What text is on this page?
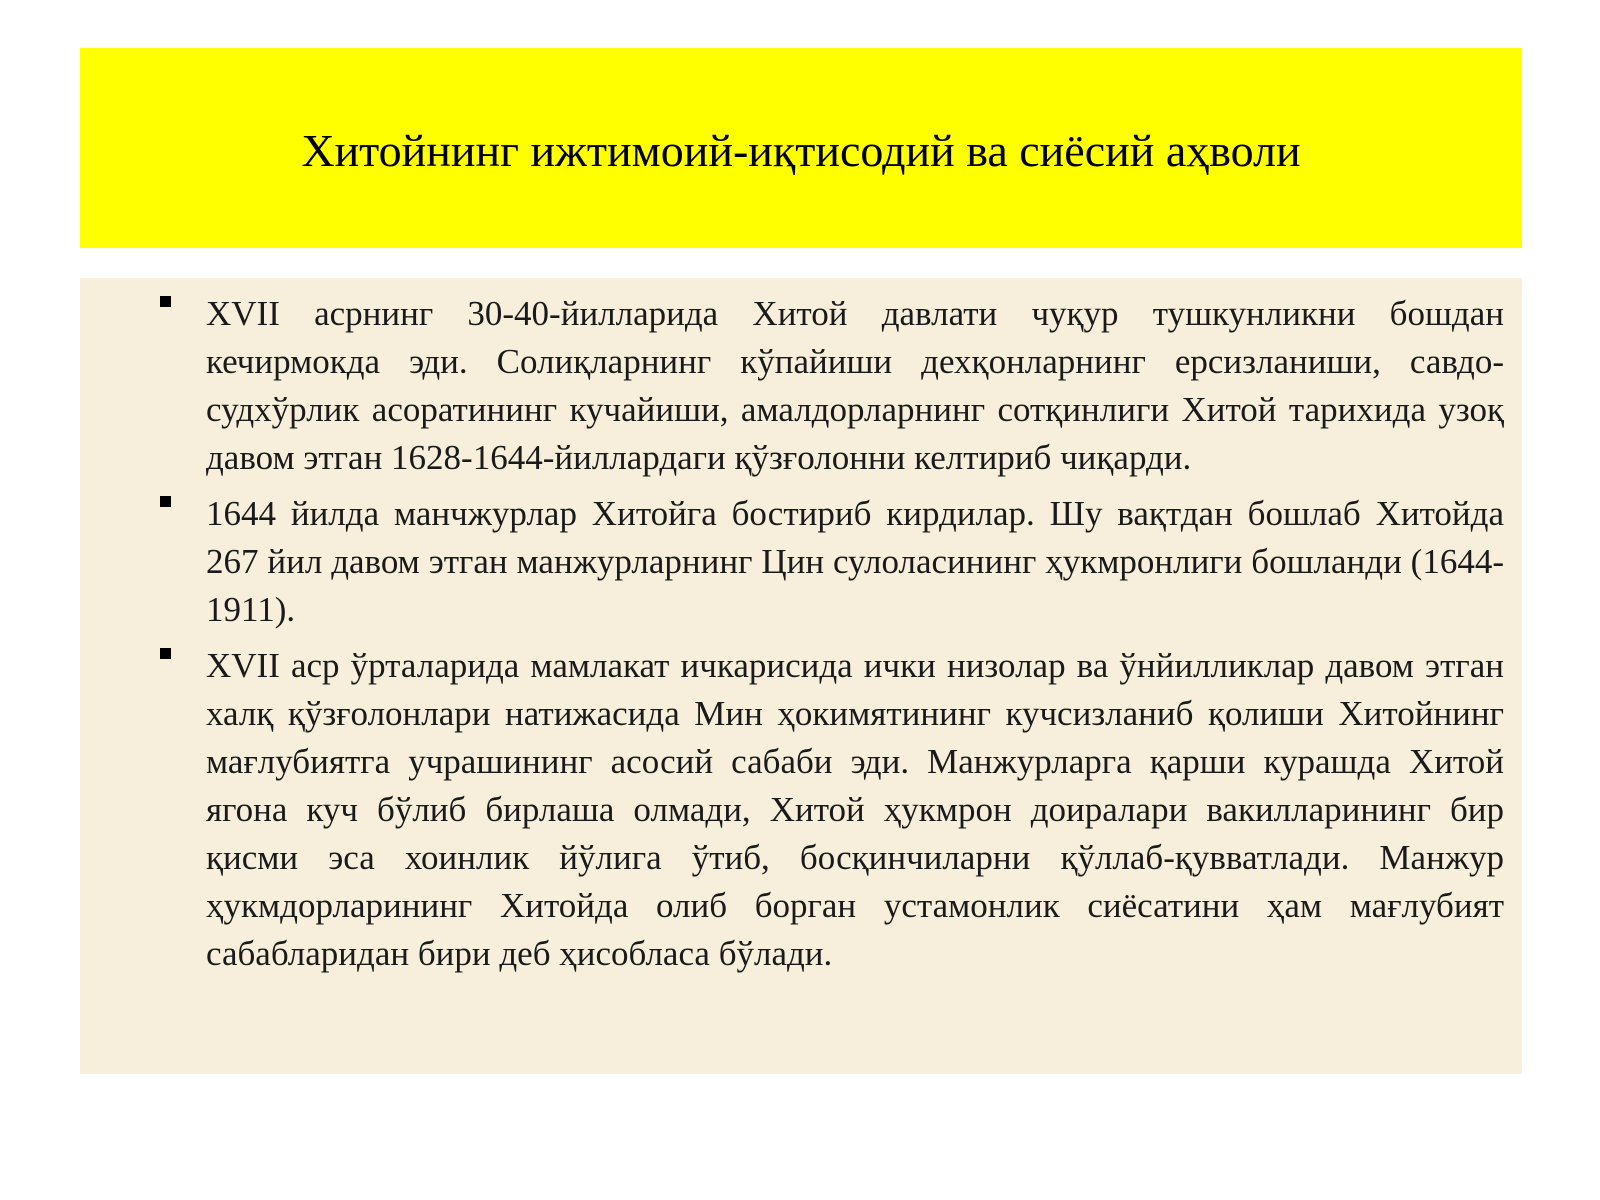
Хитойнинг ижтимоий-иқтисодий ва сиёсий аҳволи
XVII асрнинг 30-40-йилларида Хитой давлати чуқур тушкунликни бошдан кечирмокда эди. Солиқларнинг кўпайиши дехқонларнинг ерсизланиши, савдо-судхўрлик асоратининг кучайиши, амалдорларнинг сотқинлиги Хитой тарихида узоқ давом этган 1628-1644-йиллардаги қўзғолонни келтириб чиқарди.
1644 йилда манчжурлар Хитойга бостириб кирдилар. Шу вақтдан бошлаб Хитойда 267 йил давом этган манжурларнинг Цин сулоласининг ҳукмронлиги бошланди (1644-1911).
XVII аср ўрталарида мамлакат ичкарисида ички низолар ва ўнйилликлар давом этган халқ қўзғолонлари натижасида Мин ҳокимятининг кучсизланиб қолиши Хитойнинг мағлубиятга учрашининг асосий сабаби эди. Манжурларга қарши курашда Хитой ягона куч бўлиб бирлаша олмади, Хитой ҳукмрон доиралари вакилларининг бир қисми эса хоинлик йўлига ўтиб, босқинчиларни қўллаб-қувватлади. Манжур ҳукмдорларининг Хитойда олиб борган устамонлик сиёсатини ҳам мағлубият сабабларидан бири деб ҳисобласа бўлади.
